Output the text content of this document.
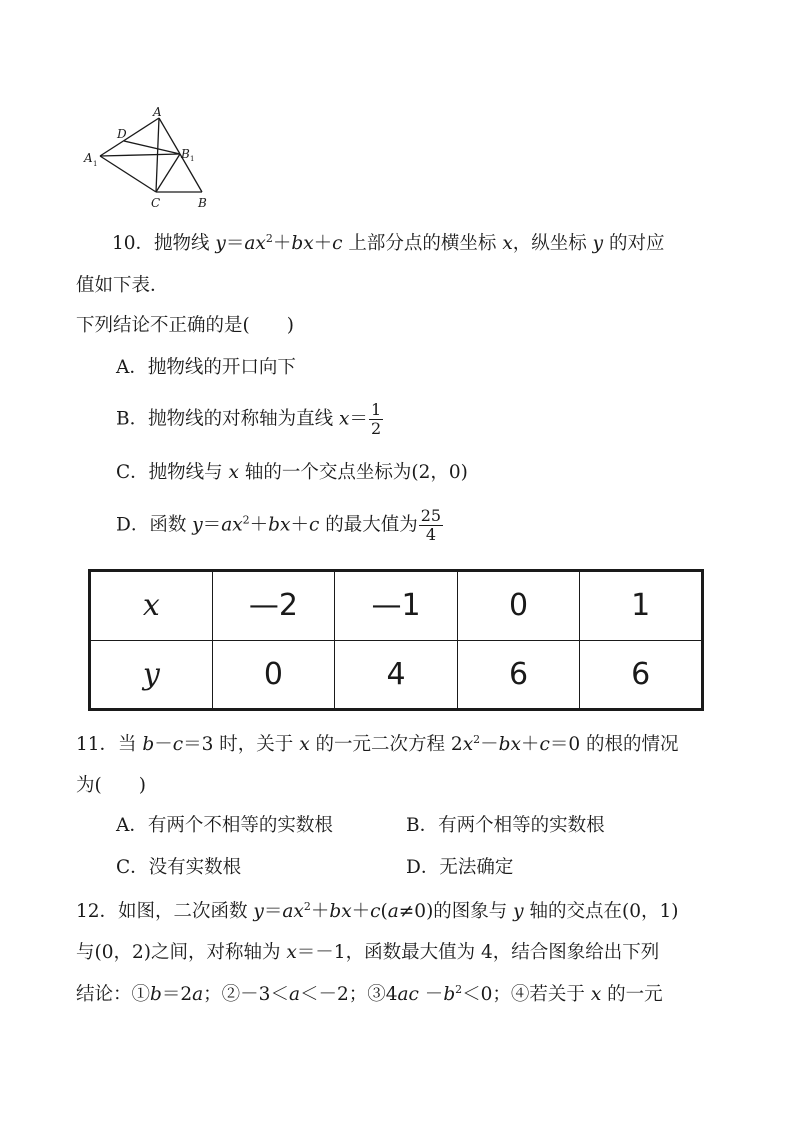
A
D
A 1
B 1
C	B
10．抛物线 $y=ax^2+bx+c$ 上部分点的横坐标 x，纵坐标 y 的对应
值如下表．
下列结论不正确的是(　　)
A．抛物线的开口向下
B．抛物线的对称轴为直线 $x= \frac{1}{2}$
C．抛物线与 x 轴的一个交点坐标为(2，0)
D．函数 $y=ax^2+bx+c$ 的最大值为 $\frac{25}{4}$
x	—2	—1	0	1
y	0	4	6	6
11．当 b－c＝3 时，关于 x 的一元二次方程 $2x^2-bx+c=0$ 的根的情况
为(　　)
A．有两个不相等的实数根	B．有两个相等的实数根
C．没有实数根	D．无法确定
12．如图，二次函数 $y=ax^2+bx+c(a\ne 0)$的图象与 y 轴的交点在(0，1)
与(0，2)之间，对称轴为 x＝－1，函数最大值为 4，结合图象给出下列
结论：①b＝2a；②－3＜a＜－2；③4ac $-b^2<0$；④若关于 x 的一元
